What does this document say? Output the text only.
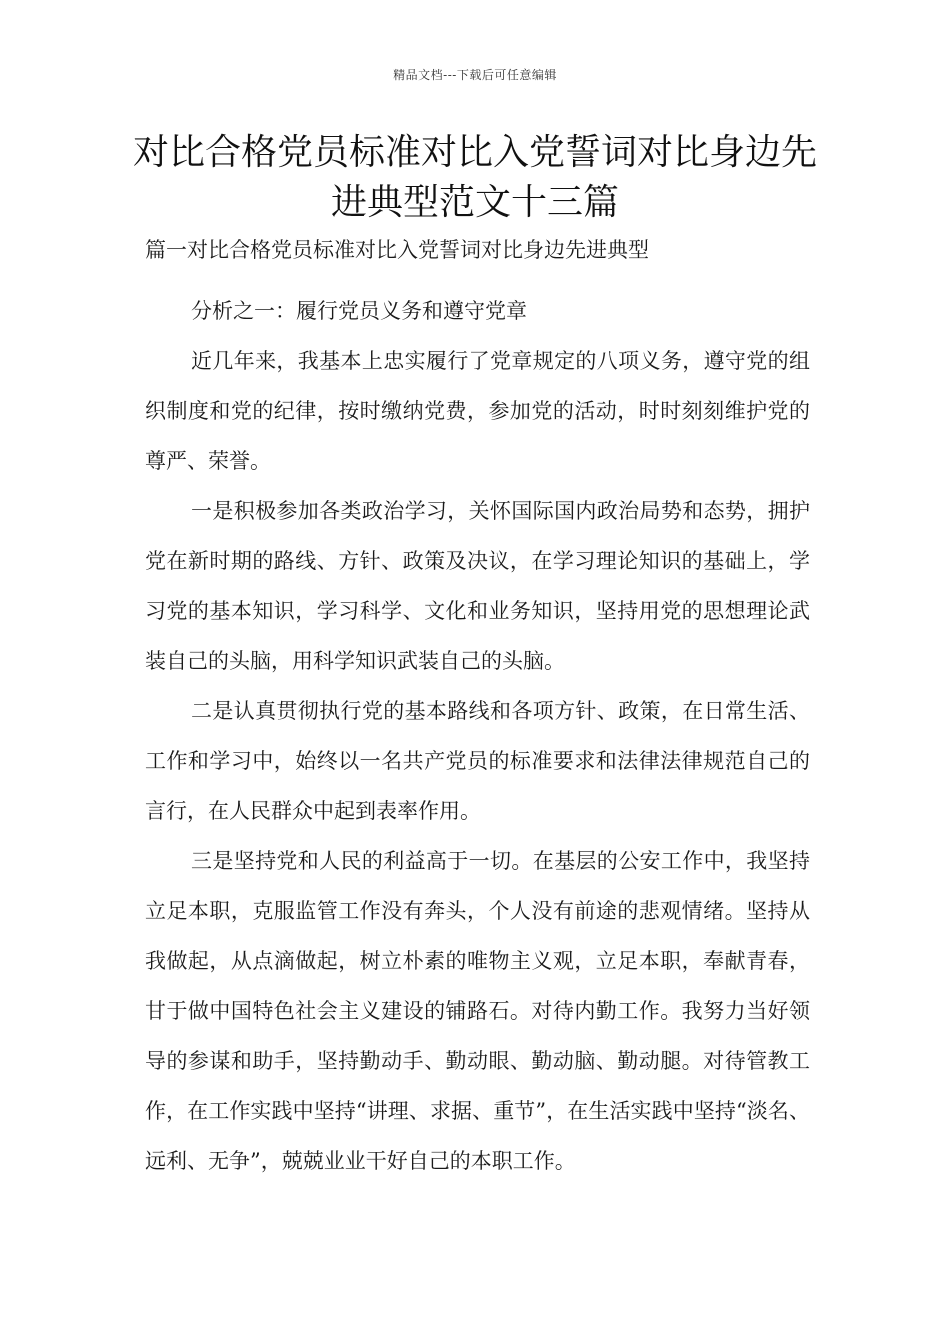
精品文档---下载后可任意编辑
对比合格党员标准对比入党誓词对比身边先进典型范文十三篇
篇一对比合格党员标准对比入党誓词对比身边先进典型

分析之一：履行党员义务和遵守党章

近几年来，我基本上忠实履行了党章规定的八项义务，遵守党的组织制度和党的纪律，按时缴纳党费，参加党的活动，时时刻刻维护党的尊严、荣誉。

一是积极参加各类政治学习，关怀国际国内政治局势和态势，拥护党在新时期的路线、方针、政策及决议，在学习理论知识的基础上，学习党的基本知识，学习科学、文化和业务知识，坚持用党的思想理论武装自己的头脑，用科学知识武装自己的头脑。

二是认真贯彻执行党的基本路线和各项方针、政策，在日常生活、工作和学习中，始终以一名共产党员的标准要求和法律法律规范自己的言行，在人民群众中起到表率作用。

三是坚持党和人民的利益高于一切。在基层的公安工作中，我坚持立足本职，克服监管工作没有奔头，个人没有前途的悲观情绪。坚持从我做起，从点滴做起，树立朴素的唯物主义观，立足本职，奉献青春，甘于做中国特色社会主义建设的铺路石。对待内勤工作。我努力当好领导的参谋和助手，坚持勤动手、勤动眼、勤动脑、勤动腿。对待管教工作，在工作实践中坚持“讲理、求据、重节”，在生活实践中坚持“淡名、远利、无争”，兢兢业业干好自己的本职工作。
